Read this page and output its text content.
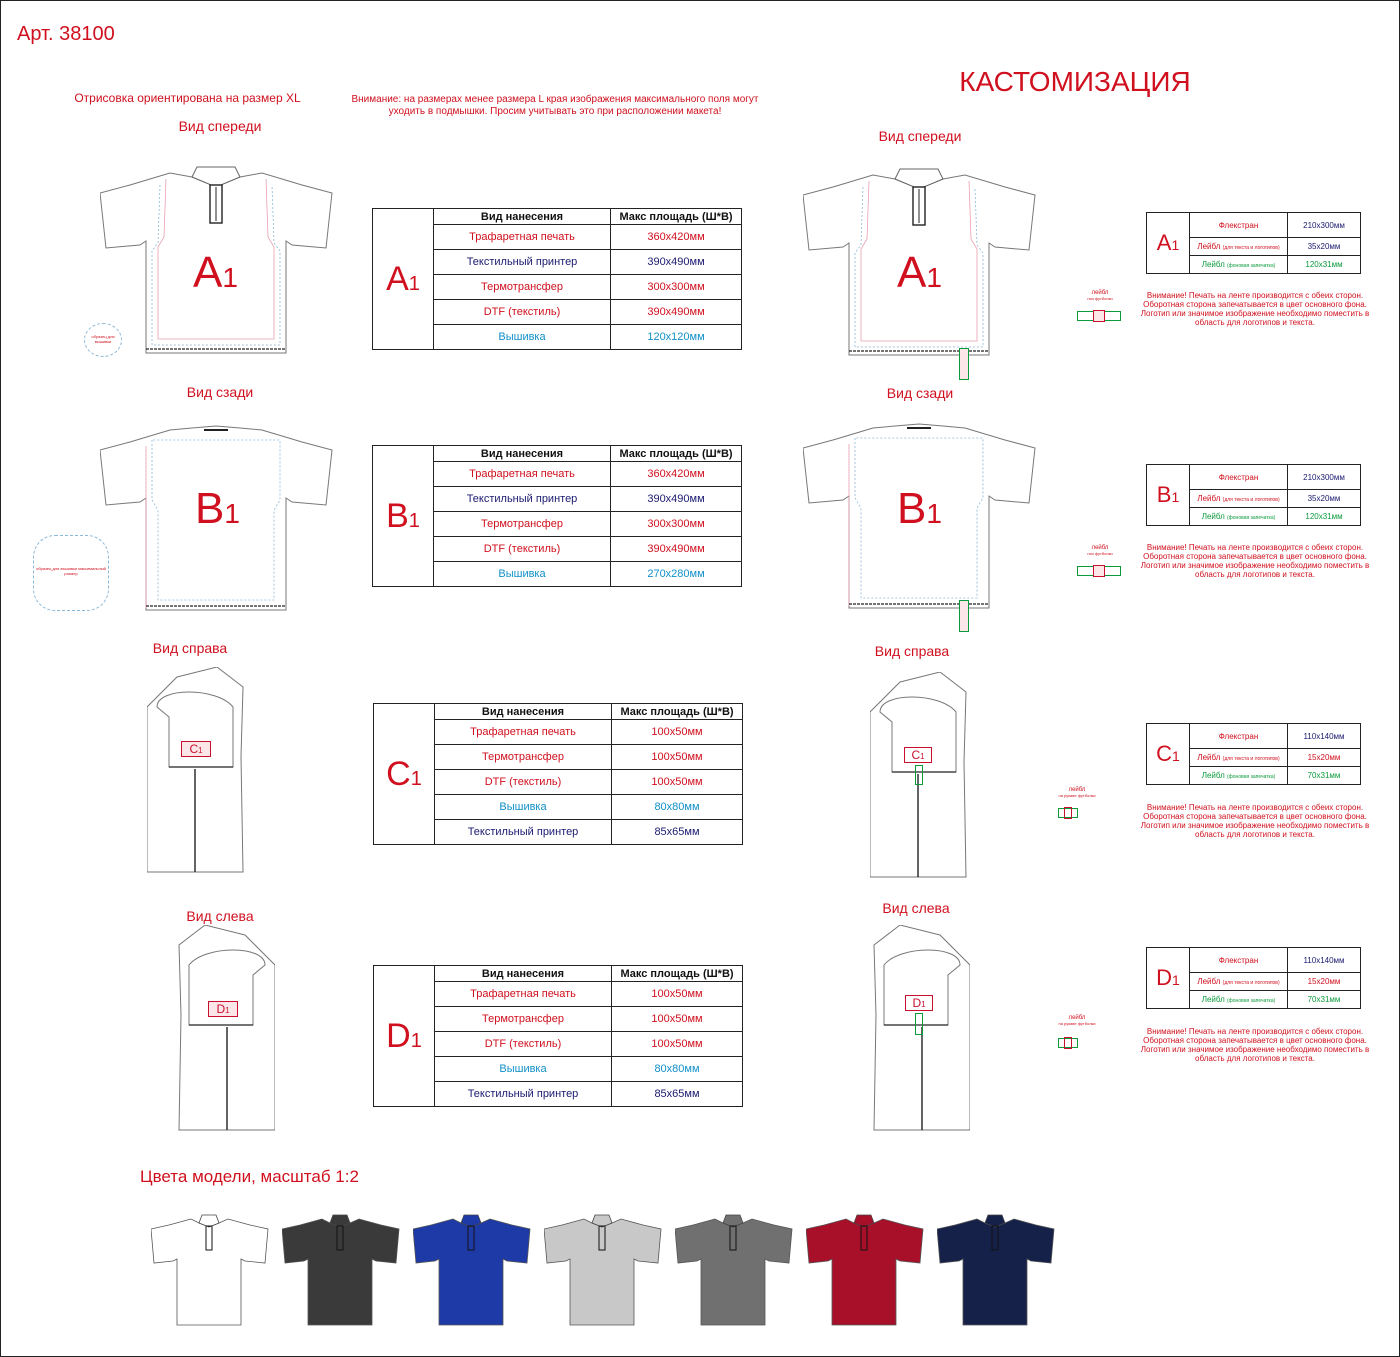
Арт. 38100
Отрисовка ориентирована на размер XL	Внимание: на размерах менее размера L края изображения максимального поля могут уходить в подмышки. Просим учитывать это при расположении макета!
КАСТОМИЗАЦИЯ
Вид спереди
Вид сзади
Вид справа
Вид слева
Вид спереди
Вид сзади
Вид справа
Вид слева
A1
образец для вышивки
B1
образец для вышивки максимальный размер
C1
D1
A1	Вид нанесения	Макс площадь (Ш*В)
	Трафаретная печать	360х420мм
	Текстильный принтер	390х490мм
	Термотрансфер	300х300мм
	DTF (текстиль)	390х490мм
	Вышивка	120х120мм
B1	Вид нанесения	Макс площадь (Ш*В)
	Трафаретная печать	360х420мм
	Текстильный принтер	390х490мм
	Термотрансфер	300х300мм
	DTF (текстиль)	390х490мм
	Вышивка	270х280мм
C1	Вид нанесения	Макс площадь (Ш*В)
	Трафаретная печать	100х50мм
	Термотрансфер	100х50мм
	DTF (текстиль)	100х50мм
	Вышивка	80х80мм
	Текстильный принтер	85х65мм
D1	Вид нанесения	Макс площадь (Ш*В)
	Трафаретная печать	100х50мм
	Термотрансфер	100х50мм
	DTF (текстиль)	100х50мм
	Вышивка	80х80мм
	Текстильный принтер	85х65мм
A1
B1
C1
D1
A1	Флекстран	210х300мм
	Лейбл (для текста и логотипов)	35х20мм
	Лейбл (фоновая запечатка)	120х31мм
B1	Флекстран	210х300мм
	Лейбл (для текста и логотипов)	35х20мм
	Лейбл (фоновая запечатка)	120х31мм
C1	Флекстран	110х140мм
	Лейбл (для текста и логотипов)	15х20мм
	Лейбл (фоновая запечатка)	70х31мм
D1	Флекстран	110х140мм
	Лейбл (для текста и логотипов)	15х20мм
	Лейбл (фоновая запечатка)	70х31мм
Внимание! Печать на ленте производится с обеих сторон. Оборотная сторона запечатывается в цвет основного фона. Логотип или значимое изображение необходимо поместить в область для логотипов и текста.
Внимание! Печать на ленте производится с обеих сторон. Оборотная сторона запечатывается в цвет основного фона. Логотип или значимое изображение необходимо поместить в область для логотипов и текста.
Внимание! Печать на ленте производится с обеих сторон. Оборотная сторона запечатывается в цвет основного фона. Логотип или значимое изображение необходимо поместить в область для логотипов и текста.
Внимание! Печать на ленте производится с обеих сторон. Оборотная сторона запечатывается в цвет основного фона. Логотип или значимое изображение необходимо поместить в область для логотипов и текста.
лейбл
низ футболки
лейбл
низ футболки
лейбл
на рукаве футболки
лейбл
на рукаве футболки
Цвета модели, масштаб 1:2
